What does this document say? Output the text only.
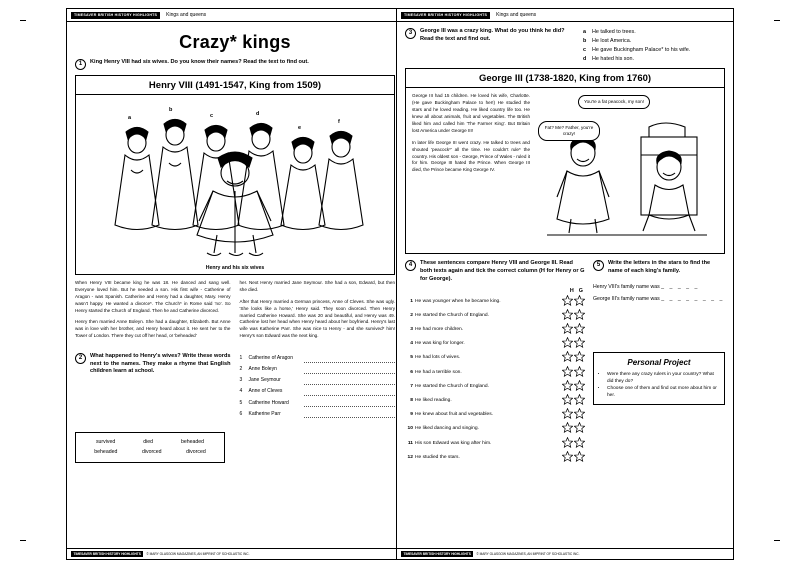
TIMESAVER BRITISH HISTORY HIGHLIGHTS	Kings and queens
Crazy* kings
1	King Henry VIII had six wives. Do you know their names? Read the text to find out.
Henry VIII (1491-1547, King from 1509)
a
b
c	d
e
f
Henry and his six wives

When Henry VIII became king he was 18. He danced and sang well. Everyone loved him. But he needed a son. His first wife - Catherine of Aragon - was Spanish. Catherine and Henry had a daughter, Mary. Henry wasn't happy. He wanted a divorce*. The Church* in Rome said 'no'. So Henry started the Church of England. Then he and Catherine divorced.

Henry then married Anne Boleyn. She had a daughter, Elizabeth. But Anne was in love with her brother, and Henry heard about it. He sent her to the Tower of London. There they cut off her head, or 'beheaded'

her. Next Henry married Jane Seymour. She had a son, Edward, but then she died.

After that Henry married a German princess, Anne of Cleves. She was ugly. 'She looks like a horse,' Henry said. They soon divorced. Then Henry married Catherine Howard. She was 20 and beautiful, and Henry was 49. Catherine lost her head when Henry heard about her boyfriend. Henry's last wife was Katherine Parr. She was nice to Henry - and she survived* him! Henry's son Edward was the next king.

2	What happened to Henry's wives? Write these words next to the names. They make a rhyme that English children learn at school.
1	Catherine of Aragon
2	Anne Boleyn
3	Jane Seymour
4	Anne of Cleves
5	Catherine Howard
6	Katherine Parr
survived	died	beheaded
beheaded	divorced	divorced
TIMESAVER BRITISH HISTORY HIGHLIGHTS	© MARY GLASGOW MAGAZINES, AN IMPRINT OF SCHOLASTIC INC.
TIMESAVER BRITISH HISTORY HIGHLIGHTS	Kings and queens
3	George III was a crazy king. What do you think he did? Read the text and find out.
a	He talked to trees.
b	He lost America.
c	He gave Buckingham Palace* to his wife.
d	He hated his son.
George III (1738-1820, King from 1760)

George III had 15 children. He loved his wife, Charlotte. (He gave Buckingham Palace to her!) He studied the stars and he loved reading. He liked country life too. He knew all about animals, fruit and vegetables. The British liked him and called him 'The Farmer King'. But Britain lost America under George III!

In later life George III went crazy. He talked to trees and shouted 'peacock*' all the time. He couldn't rule* the country. His oldest son - George, Prince of Wales - ruled it for him. George III hated the Prince. When George III died, the Prince became King George IV.

You're a fat peacock, my son!
Fat? Me? Father, you're crazy!
4	These sentences compare Henry VIII and George III. Read both texts again and tick the correct column (H for Henry or G for George).
H G
1	He was younger when he became king.		
2	He started the Church of England.		
3	He had more children.		
4	He was king for longer.		
5	He had lots of wives.		
6	He had a terrible son.		
7	He started the Church of England.		
8	He liked reading.		
9	He knew about fruit and vegetables.		
10	He liked dancing and singing.		
11	His son Edward was king after him.		
12	He studied the stars.		
5	Write the letters in the stars to find the name of each king's family.
Henry VIII's family name was _ _ _ _ _
George III's family name was _ _ _ _ _ _ _ _
Personal Project
• Were there any crazy rulers in your country? What did they do?
• Choose one of them and find out more about him or her.
TIMESAVER BRITISH HISTORY HIGHLIGHTS	© MARY GLASGOW MAGAZINES, AN IMPRINT OF SCHOLASTIC INC.
